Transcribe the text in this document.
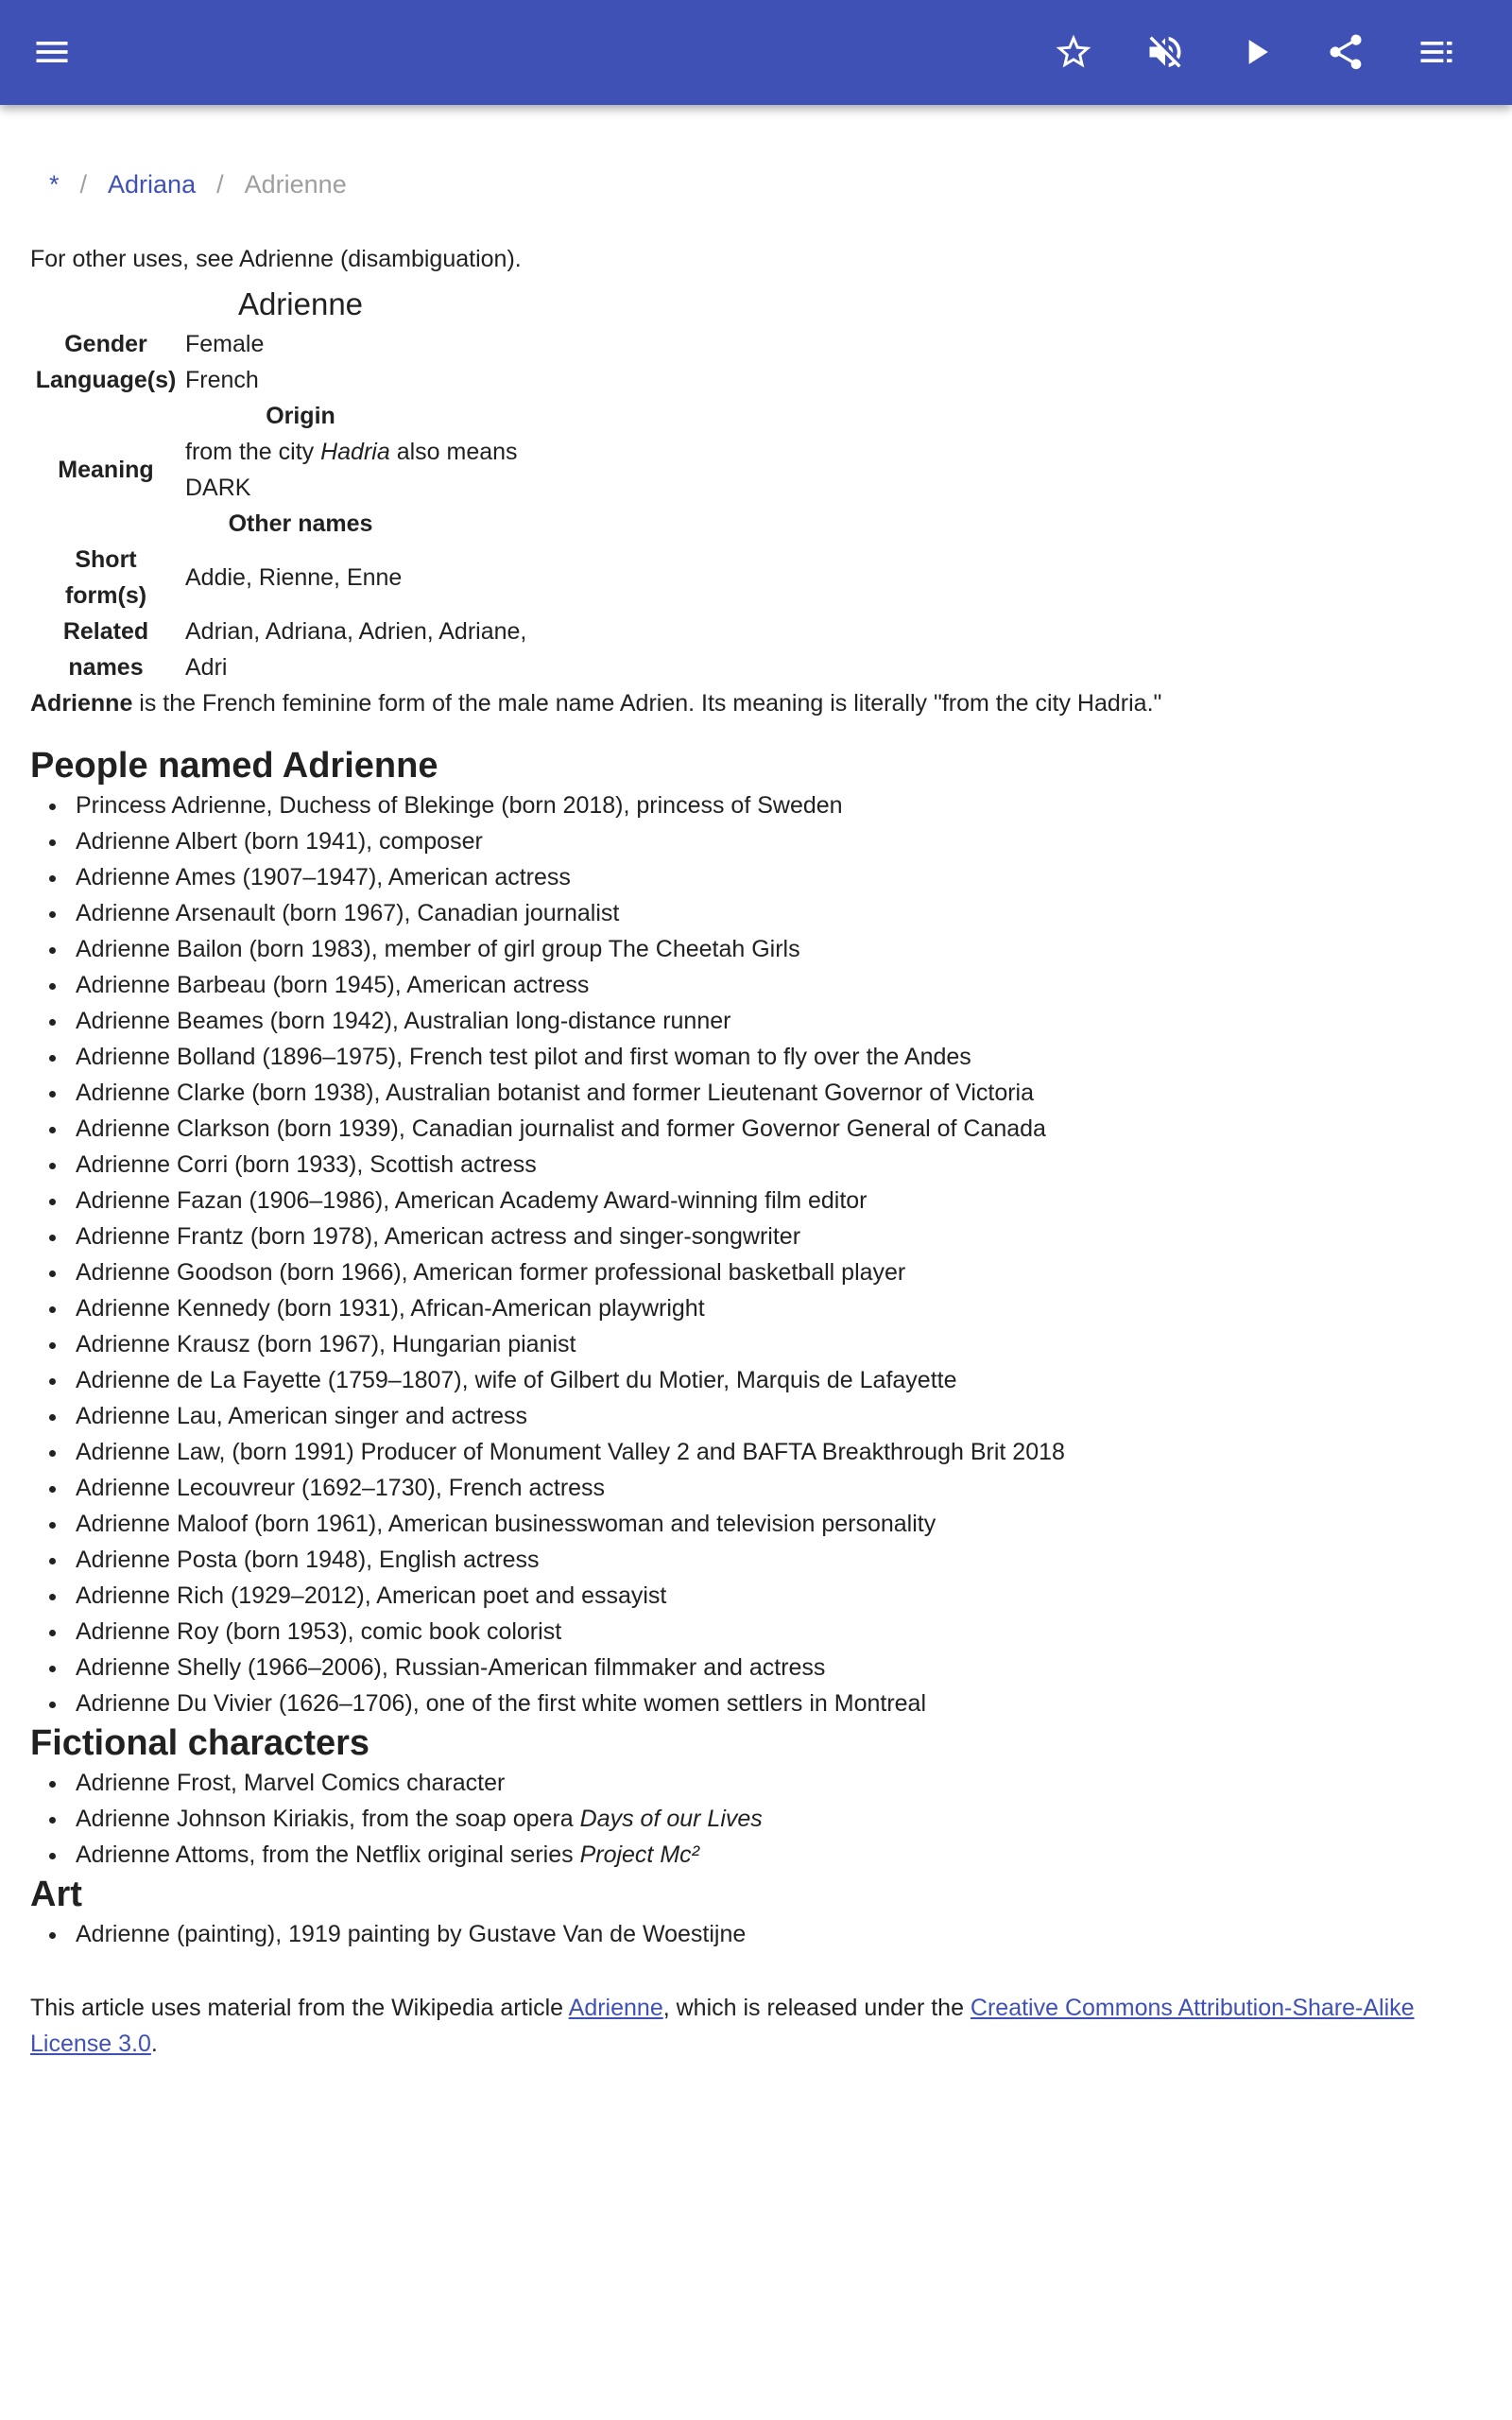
* / Adriana / Adrienne
For other uses, see Adrienne (disambiguation).
Adrienne	
Gender	Female
Language(s)	French
Origin	
Meaning	from the city Hadria also means DARK
Other names	
Short form(s)	Addie, Rienne, Enne
Related names	Adrian, Adriana, Adrien, Adriane, Adri

Adrienne is the French feminine form of the male name Adrien. Its meaning is literally "from the city Hadria."

People named Adrienne
Princess Adrienne, Duchess of Blekinge (born 2018), princess of Sweden
Adrienne Albert (born 1941), composer
Adrienne Ames (1907–1947), American actress
Adrienne Arsenault (born 1967), Canadian journalist
Adrienne Bailon (born 1983), member of girl group The Cheetah Girls
Adrienne Barbeau (born 1945), American actress
Adrienne Beames (born 1942), Australian long-distance runner
Adrienne Bolland (1896–1975), French test pilot and first woman to fly over the Andes
Adrienne Clarke (born 1938), Australian botanist and former Lieutenant Governor of Victoria
Adrienne Clarkson (born 1939), Canadian journalist and former Governor General of Canada
Adrienne Corri (born 1933), Scottish actress
Adrienne Fazan (1906–1986), American Academy Award-winning film editor
Adrienne Frantz (born 1978), American actress and singer-songwriter
Adrienne Goodson (born 1966), American former professional basketball player
Adrienne Kennedy (born 1931), African-American playwright
Adrienne Krausz (born 1967), Hungarian pianist
Adrienne de La Fayette (1759–1807), wife of Gilbert du Motier, Marquis de Lafayette
Adrienne Lau, American singer and actress
Adrienne Law, (born 1991) Producer of Monument Valley 2 and BAFTA Breakthrough Brit 2018
Adrienne Lecouvreur (1692–1730), French actress
Adrienne Maloof (born 1961), American businesswoman and television personality
Adrienne Posta (born 1948), English actress
Adrienne Rich (1929–2012), American poet and essayist
Adrienne Roy (born 1953), comic book colorist
Adrienne Shelly (1966–2006), Russian-American filmmaker and actress
Adrienne Du Vivier (1626–1706), one of the first white women settlers in Montreal
Fictional characters
Adrienne Frost, Marvel Comics character
Adrienne Johnson Kiriakis, from the soap opera Days of our Lives
Adrienne Attoms, from the Netflix original series Project Mc²
Art
Adrienne (painting), 1919 painting by Gustave Van de Woestijne

This article uses material from the Wikipedia article Adrienne, which is released under the Creative Commons Attribution-Share-Alike License 3.0.
